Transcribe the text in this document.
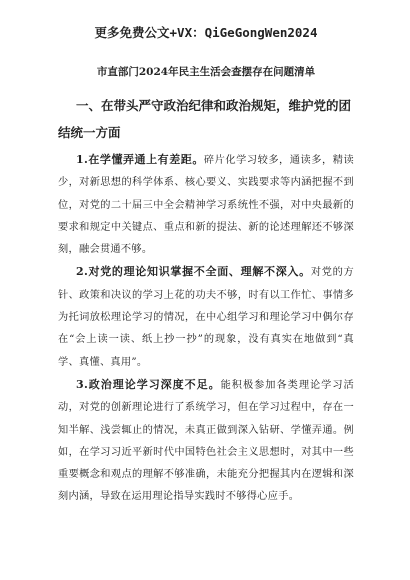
更多免费公文+VX：QiGeGongWen2024
市直部门2024年民主生活会查摆存在问题清单
一、在带头严守政治纪律和政治规矩，维护党的团结统一方面

1.在学懂弄通上有差距。碎片化学习较多，通读多，精读少，对新思想的科学体系、核心要义、实践要求等内涵把握不到位，对党的二十届三中全会精神学习系统性不强，对中央最新的要求和规定中关键点、重点和新的提法、新的论述理解还不够深刻，融会贯通不够。

2.对党的理论知识掌握不全面、理解不深入。对党的方针、政策和决议的学习上花的功夫不够，时有以工作忙、事情多为托词放松理论学习的情况，在中心组学习和理论学习中偶尔存在“会上读一读、纸上抄一抄”的现象，没有真实在地做到“真学、真懂、真用”。

3.政治理论学习深度不足。能积极参加各类理论学习活动，对党的创新理论进行了系统学习，但在学习过程中，存在一知半解、浅尝辄止的情况，未真正做到深入钻研、学懂弄通。例如，在学习习近平新时代中国特色社会主义思想时，对其中一些重要概念和观点的理解不够准确，未能充分把握其内在逻辑和深刻内涵，导致在运用理论指导实践时不够得心应手。
